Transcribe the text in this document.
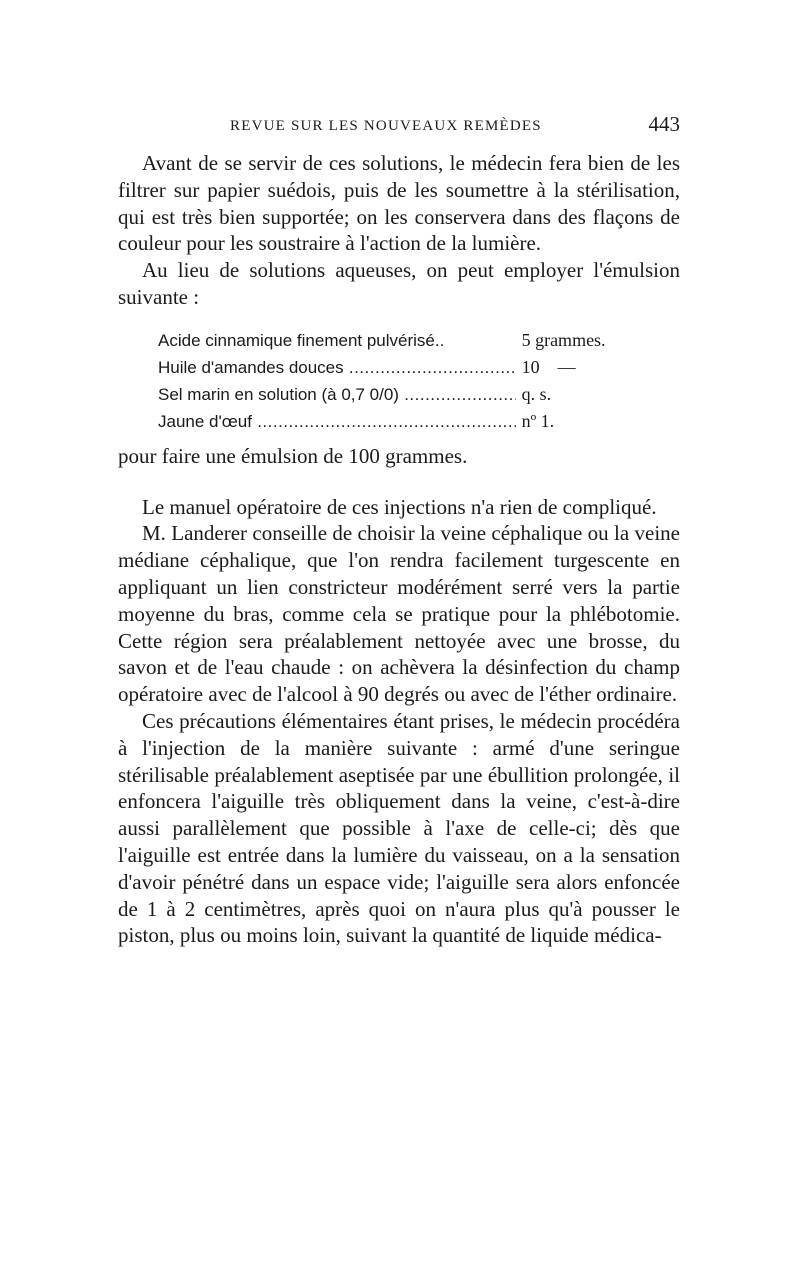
REVUE SUR LES NOUVEAUX REMÈDES	443

Avant de se servir de ces solutions, le médecin fera bien de les filtrer sur papier suédois, puis de les soumettre à la stérilisation, qui est très bien supportée; on les conservera dans des flaçons de couleur pour les soustraire à l'action de la lumière.

Au lieu de solutions aqueuses, on peut employer l'émulsion suivante :

Acide cinnamique finement pulvérisé..	5 grammes.
Huile d'amandes douces .....	10    —
Sel marin en solution (à 0,7 0/0) .....	q. s.
Jaune d'œuf .....	nº 1.

pour faire une émulsion de 100 grammes.

Le manuel opératoire de ces injections n'a rien de compliqué.

M. Landerer conseille de choisir la veine céphalique ou la veine médiane céphalique, que l'on rendra facilement turgescente en appliquant un lien constricteur modérément serré vers la partie moyenne du bras, comme cela se pratique pour la phlébotomie. Cette région sera préalablement nettoyée avec une brosse, du savon et de l'eau chaude : on achèvera la désinfection du champ opératoire avec de l'alcool à 90 degrés ou avec de l'éther ordinaire.

Ces précautions élémentaires étant prises, le médecin procédéra à l'injection de la manière suivante : armé d'une seringue stérilisable préalablement aseptisée par une ébullition prolongée, il enfoncera l'aiguille très obliquement dans la veine, c'est-à-dire aussi parallèlement que possible à l'axe de celle-ci; dès que l'aiguille est entrée dans la lumière du vaisseau, on a la sensation d'avoir pénétré dans un espace vide; l'aiguille sera alors enfoncée de 1 à 2 centimètres, après quoi on n'aura plus qu'à pousser le piston, plus ou moins loin, suivant la quantité de liquide médica-
